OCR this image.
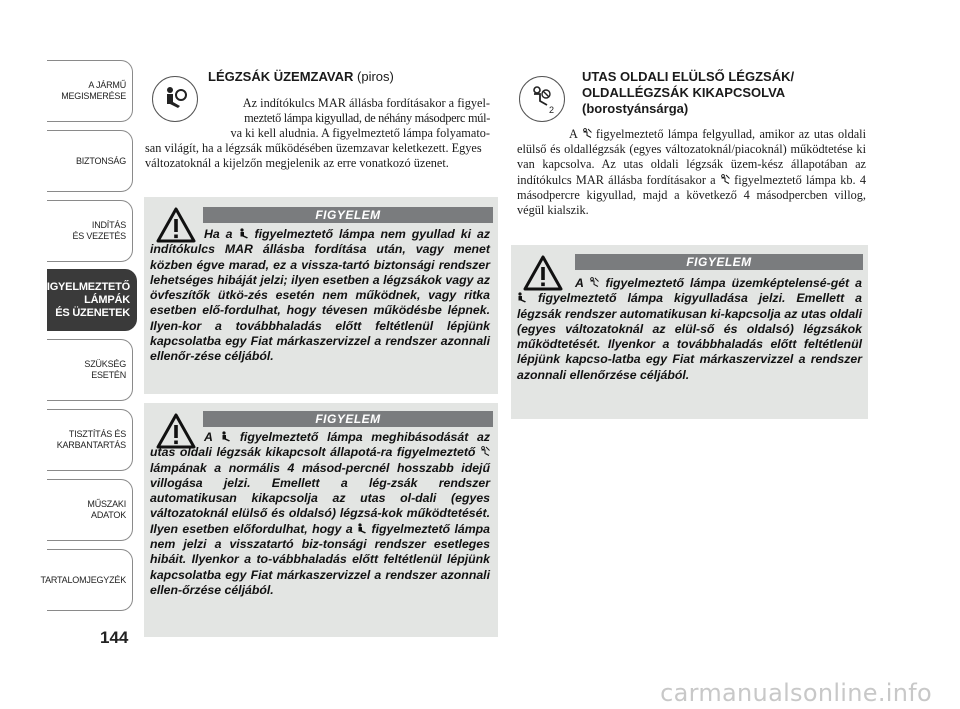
A JÁRMŰ
MEGISMERÉSE
BIZTONSÁG
INDÍTÁS
ÉS VEZETÉS
FIGYELMEZTETŐ
LÁMPÁK
ÉS ÜZENETEK
SZÜKSÉG
ESETÉN
TISZTÍTÁS ÉS
KARBANTARTÁS
MŰSZAKI
ADATOK
TARTALOMJEGYZÉK
144
LÉGZSÁK ÜZEMZAVAR (piros)
Az indítókulcs MAR állásba fordításakor a figyel-
meztető lámpa kigyullad, de néhány másodperc múl-
va ki kell aludnia. A figyelmeztető lámpa folyamato-
san világít, ha a légzsák működésében üzemzavar keletkezett. Egyes változatoknál a kijelzőn megjelenik az erre vonatkozó üzenet.
FIGYELEM
Ha a figyelmeztető lámpa nem gyullad ki az indítókulcs MAR állásba fordítása után, vagy menet közben égve marad, ez a vissza-tartó biztonsági rendszer lehetséges hibáját jelzi; ilyen esetben a légzsákok vagy az övfeszítők ütkö-zés esetén nem működnek, vagy ritka esetben elő-fordulhat, hogy tévesen működésbe lépnek. Ilyen-kor a továbbhaladás előtt feltétlenül lépjünk kapcsolatba egy Fiat márkaszervizzel a rendszer azonnali ellenőr-zése céljából.
FIGYELEM
A figyelmeztető lámpa meghibásodását az utas oldali légzsák kikapcsolt állapotá-ra figyelmeztető  lámpának a normális 4 másod-percnél hosszabb idejű villogása jelzi. Emellett a lég-zsák rendszer automatikusan kikapcsolja az utas ol-dali (egyes változatoknál elülső és oldalsó) légzsá-kok működtetését. Ilyen esetben előfordulhat, hogy a figyelmeztető lámpa nem jelzi a visszatartó biz-tonsági rendszer esetleges hibáit. Ilyenkor a to-vábbhaladás előtt feltétlenül lépjünk kapcsolatba egy Fiat márkaszervizzel a rendszer azonnali ellen-őrzése céljából.
2
UTAS OLDALI ELÜLSŐ LÉGZSÁK/
OLDALLÉGZSÁK KIKAPCSOLVA
(borostyánsárga)
A figyelmeztető lámpa felgyullad, amikor az utas oldali elülső és oldallégzsák (egyes változatoknál/piacoknál) működtetése ki van kapcsolva. Az utas oldali légzsák üzem-kész állapotában az indítókulcs MAR állásba fordításakor a figyelmeztető lámpa kb. 4 másodpercre kigyullad, majd a következő 4 másodpercben villog, végül kialszik.
FIGYELEM
A figyelmeztető lámpa üzemképtelensé-gét a  figyelmeztető lámpa kigyulladása jelzi. Emellett a légzsák rendszer automatikusan ki-kapcsolja az utas oldali (egyes változatoknál az elül-ső és oldalsó) légzsákok működtetését. Ilyenkor a továbbhaladás előtt feltétlenül lépjünk kapcso-latba egy Fiat márkaszervizzel a rendszer azonnali ellenőrzése céljából.
carmanualsonline.info
